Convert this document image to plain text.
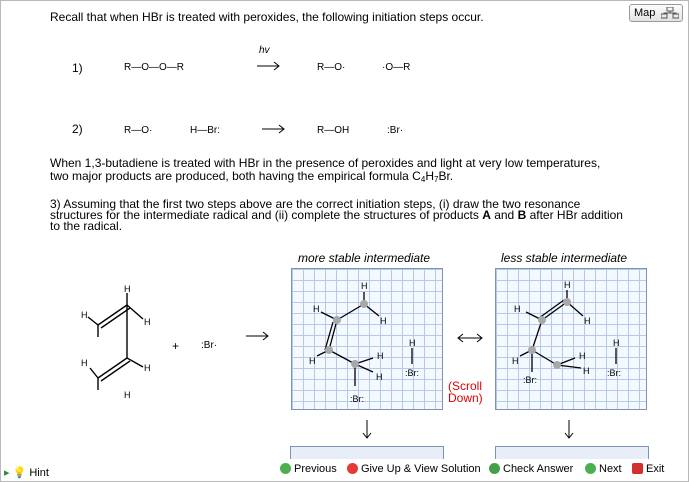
Recall that when HBr is treated with peroxides, the following initiation steps occur.	Map
1)	R—O—O—R
hv
R—O·	·O—R
2)	R—O·	H—Br:	R—OH	:Br·
When 1,3-butadiene is treated with HBr in the presence of peroxides and light at very low temperatures,
two major products are produced, both having the empirical formula $C_4H_7Br$.
3) Assuming that the first two steps above are the correct initiation steps, (i) draw the two resonance
structures for the intermediate radical and (ii) complete the structures of products A and B after HBr addition
to the radical.
H
H
H
H	H
H
+ :Br·
more stable intermediate	less stable intermediate
H
H
H
H	H
H
:Br:
H
:Br:
(Scroll
Down)
H
H
H
H	H
H
:Br:
H
:Br:
▸ 💡 Hint	Previous	Give Up & View Solution	Check Answer	Next	Exit
